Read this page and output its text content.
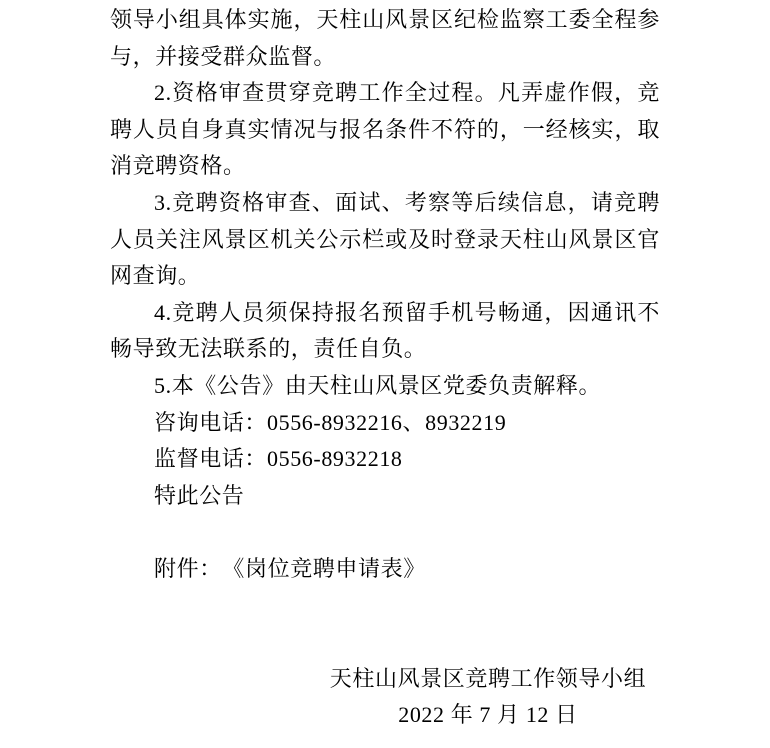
领导小组具体实施，天柱山风景区纪检监察工委全程参与，并接受群众监督。

2.资格审查贯穿竞聘工作全过程。凡弄虚作假，竞聘人员自身真实情况与报名条件不符的，一经核实，取消竞聘资格。

3.竞聘资格审查、面试、考察等后续信息，请竞聘人员关注风景区机关公示栏或及时登录天柱山风景区官网查询。

4.竞聘人员须保持报名预留手机号畅通，因通讯不畅导致无法联系的，责任自负。

5.本《公告》由天柱山风景区党委负责解释。

咨询电话：0556-8932216、8932219

监督电话：0556-8932218

特此公告

附件：　《岗位竞聘申请表》

天柱山风景区竞聘工作领导小组

2022 年 7 月 12 日
